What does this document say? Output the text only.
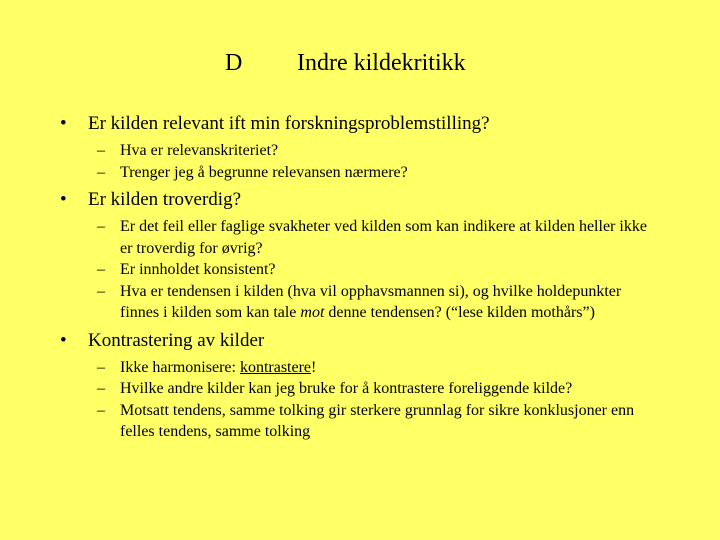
D Indre kildekritikk
• Er kilden relevant ift min forskningsproblemstilling?
– Hva er relevanskriteriet?
– Trenger jeg å begrunne relevansen nærmere?
• Er kilden troverdig?
– Er det feil eller faglige svakheter ved kilden som kan indikere at kilden heller ikke er troverdig for øvrig?
– Er innholdet konsistent?
– Hva er tendensen i kilden (hva vil opphavsmannen si), og hvilke holdepunkter finnes i kilden som kan tale mot denne tendensen? (“lese kilden mothårs”)
• Kontrastering av kilder
– Ikke harmonisere: kontrastere!
– Hvilke andre kilder kan jeg bruke for å kontrastere foreliggende kilde?
– Motsatt tendens, samme tolking gir sterkere grunnlag for sikre konklusjoner enn felles tendens, samme tolking
